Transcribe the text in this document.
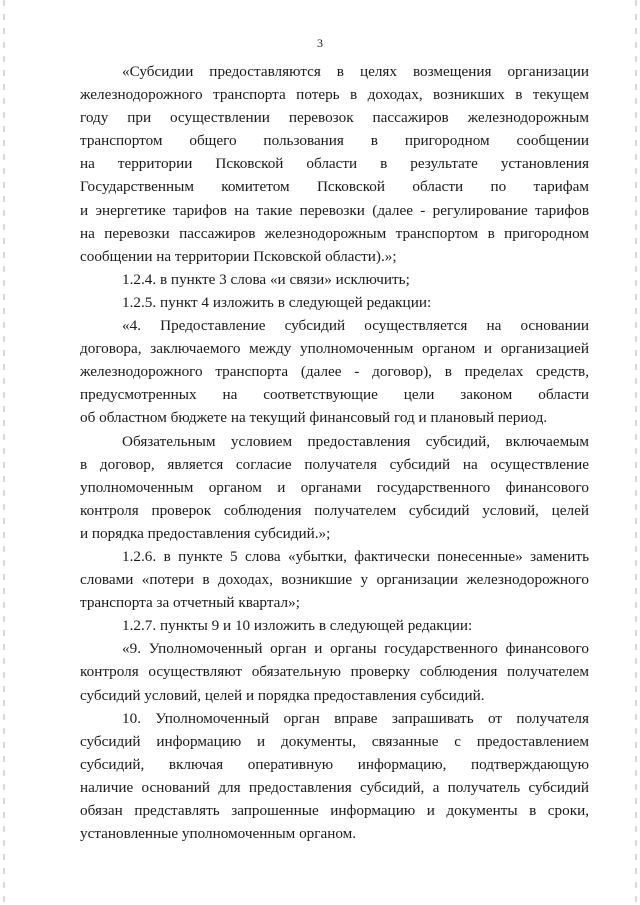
3
«Субсидии предоставляются в целях возмещения организации
железнодорожного транспорта потерь в доходах, возникших в текущем
году при осуществлении перевозок пассажиров железнодорожным
транспортом общего пользования в пригородном сообщении
на территории Псковской области в результате установления
Государственным комитетом Псковской области по тарифам
и энергетике тарифов на такие перевозки (далее - регулирование тарифов
на перевозки пассажиров железнодорожным транспортом в пригородном
сообщении на территории Псковской области).»;
1.2.4. в пункте 3 слова «и связи» исключить;
1.2.5. пункт 4 изложить в следующей редакции:
«4. Предоставление субсидий осуществляется на основании
договора, заключаемого между уполномоченным органом и организацией
железнодорожного транспорта (далее - договор), в пределах средств,
предусмотренных на соответствующие цели законом области
об областном бюджете на текущий финансовый год и плановый период.
Обязательным условием предоставления субсидий, включаемым
в договор, является согласие получателя субсидий на осуществление
уполномоченным органом и органами государственного финансового
контроля проверок соблюдения получателем субсидий условий, целей
и порядка предоставления субсидий.»;
1.2.6. в пункте 5 слова «убытки, фактически понесенные» заменить
словами «потери в доходах, возникшие у организации железнодорожного
транспорта за отчетный квартал»;
1.2.7. пункты 9 и 10 изложить в следующей редакции:
«9. Уполномоченный орган и органы государственного финансового
контроля осуществляют обязательную проверку соблюдения получателем
субсидий условий, целей и порядка предоставления субсидий.
10. Уполномоченный орган вправе запрашивать от получателя
субсидий информацию и документы, связанные с предоставлением
субсидий, включая оперативную информацию, подтверждающую
наличие оснований для предоставления субсидий, а получатель субсидий
обязан представлять запрошенные информацию и документы в сроки,
установленные уполномоченным органом.
